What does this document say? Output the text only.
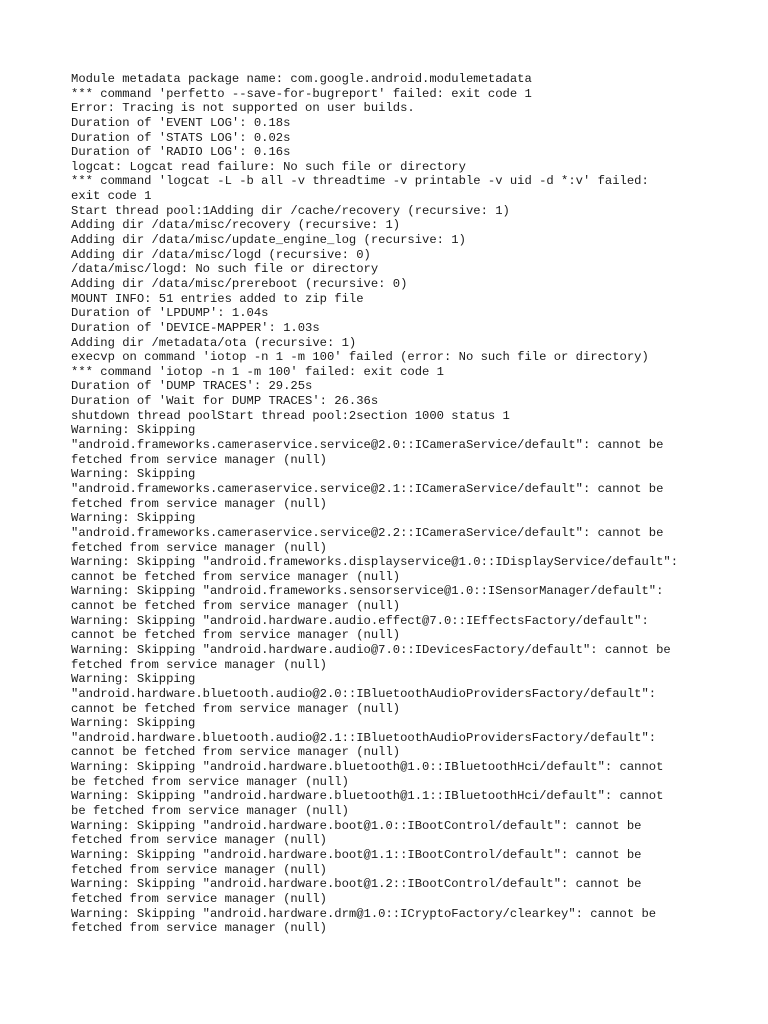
Module metadata package name: com.google.android.modulemetadata
*** command 'perfetto --save-for-bugreport' failed: exit code 1
Error: Tracing is not supported on user builds.
Duration of 'EVENT LOG': 0.18s
Duration of 'STATS LOG': 0.02s
Duration of 'RADIO LOG': 0.16s
logcat: Logcat read failure: No such file or directory
*** command 'logcat -L -b all -v threadtime -v printable -v uid -d *:v' failed:
exit code 1
Start thread pool:1Adding dir /cache/recovery (recursive: 1)
Adding dir /data/misc/recovery (recursive: 1)
Adding dir /data/misc/update_engine_log (recursive: 1)
Adding dir /data/misc/logd (recursive: 0)
/data/misc/logd: No such file or directory
Adding dir /data/misc/prereboot (recursive: 0)
MOUNT INFO: 51 entries added to zip file
Duration of 'LPDUMP': 1.04s
Duration of 'DEVICE-MAPPER': 1.03s
Adding dir /metadata/ota (recursive: 1)
execvp on command 'iotop -n 1 -m 100' failed (error: No such file or directory)
*** command 'iotop -n 1 -m 100' failed: exit code 1
Duration of 'DUMP TRACES': 29.25s
Duration of 'Wait for DUMP TRACES': 26.36s
shutdown thread poolStart thread pool:2section 1000 status 1
Warning: Skipping
"android.frameworks.cameraservice.service@2.0::ICameraService/default": cannot be
fetched from service manager (null)
Warning: Skipping
"android.frameworks.cameraservice.service@2.1::ICameraService/default": cannot be
fetched from service manager (null)
Warning: Skipping
"android.frameworks.cameraservice.service@2.2::ICameraService/default": cannot be
fetched from service manager (null)
Warning: Skipping "android.frameworks.displayservice@1.0::IDisplayService/default":
cannot be fetched from service manager (null)
Warning: Skipping "android.frameworks.sensorservice@1.0::ISensorManager/default":
cannot be fetched from service manager (null)
Warning: Skipping "android.hardware.audio.effect@7.0::IEffectsFactory/default":
cannot be fetched from service manager (null)
Warning: Skipping "android.hardware.audio@7.0::IDevicesFactory/default": cannot be
fetched from service manager (null)
Warning: Skipping
"android.hardware.bluetooth.audio@2.0::IBluetoothAudioProvidersFactory/default":
cannot be fetched from service manager (null)
Warning: Skipping
"android.hardware.bluetooth.audio@2.1::IBluetoothAudioProvidersFactory/default":
cannot be fetched from service manager (null)
Warning: Skipping "android.hardware.bluetooth@1.0::IBluetoothHci/default": cannot
be fetched from service manager (null)
Warning: Skipping "android.hardware.bluetooth@1.1::IBluetoothHci/default": cannot
be fetched from service manager (null)
Warning: Skipping "android.hardware.boot@1.0::IBootControl/default": cannot be
fetched from service manager (null)
Warning: Skipping "android.hardware.boot@1.1::IBootControl/default": cannot be
fetched from service manager (null)
Warning: Skipping "android.hardware.boot@1.2::IBootControl/default": cannot be
fetched from service manager (null)
Warning: Skipping "android.hardware.drm@1.0::ICryptoFactory/clearkey": cannot be
fetched from service manager (null)
